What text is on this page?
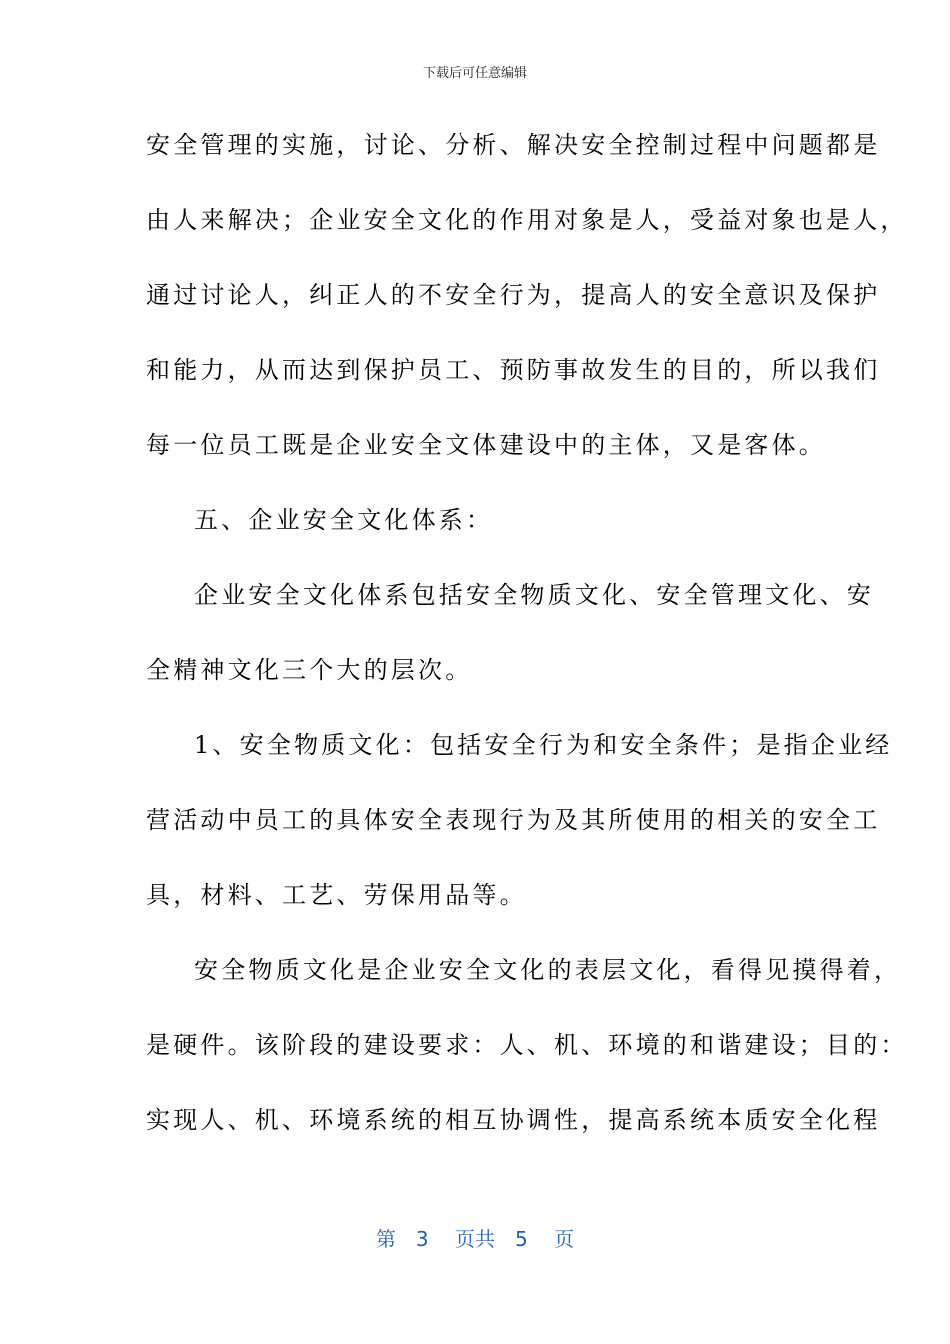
下载后可任意编辑
安全管理的实施，讨论、分析、解决安全控制过程中问题都是
由人来解决；企业安全文化的作用对象是人，受益对象也是人，
通过讨论人，纠正人的不安全行为，提高人的安全意识及保护
和能力，从而达到保护员工、预防事故发生的目的，所以我们
每一位员工既是企业安全文体建设中的主体，又是客体。
五、企业安全文化体系：
企业安全文化体系包括安全物质文化、安全管理文化、安
全精神文化三个大的层次。
1、安全物质文化：包括安全行为和安全条件；是指企业经
营活动中员工的具体安全表现行为及其所使用的相关的安全工
具，材料、工艺、劳保用品等。
安全物质文化是企业安全文化的表层文化，看得见摸得着，
是硬件。该阶段的建设要求：人、机、环境的和谐建设；目的：
实现人、机、环境系统的相互协调性，提高系统本质安全化程
第　3　 页共　5　 页
